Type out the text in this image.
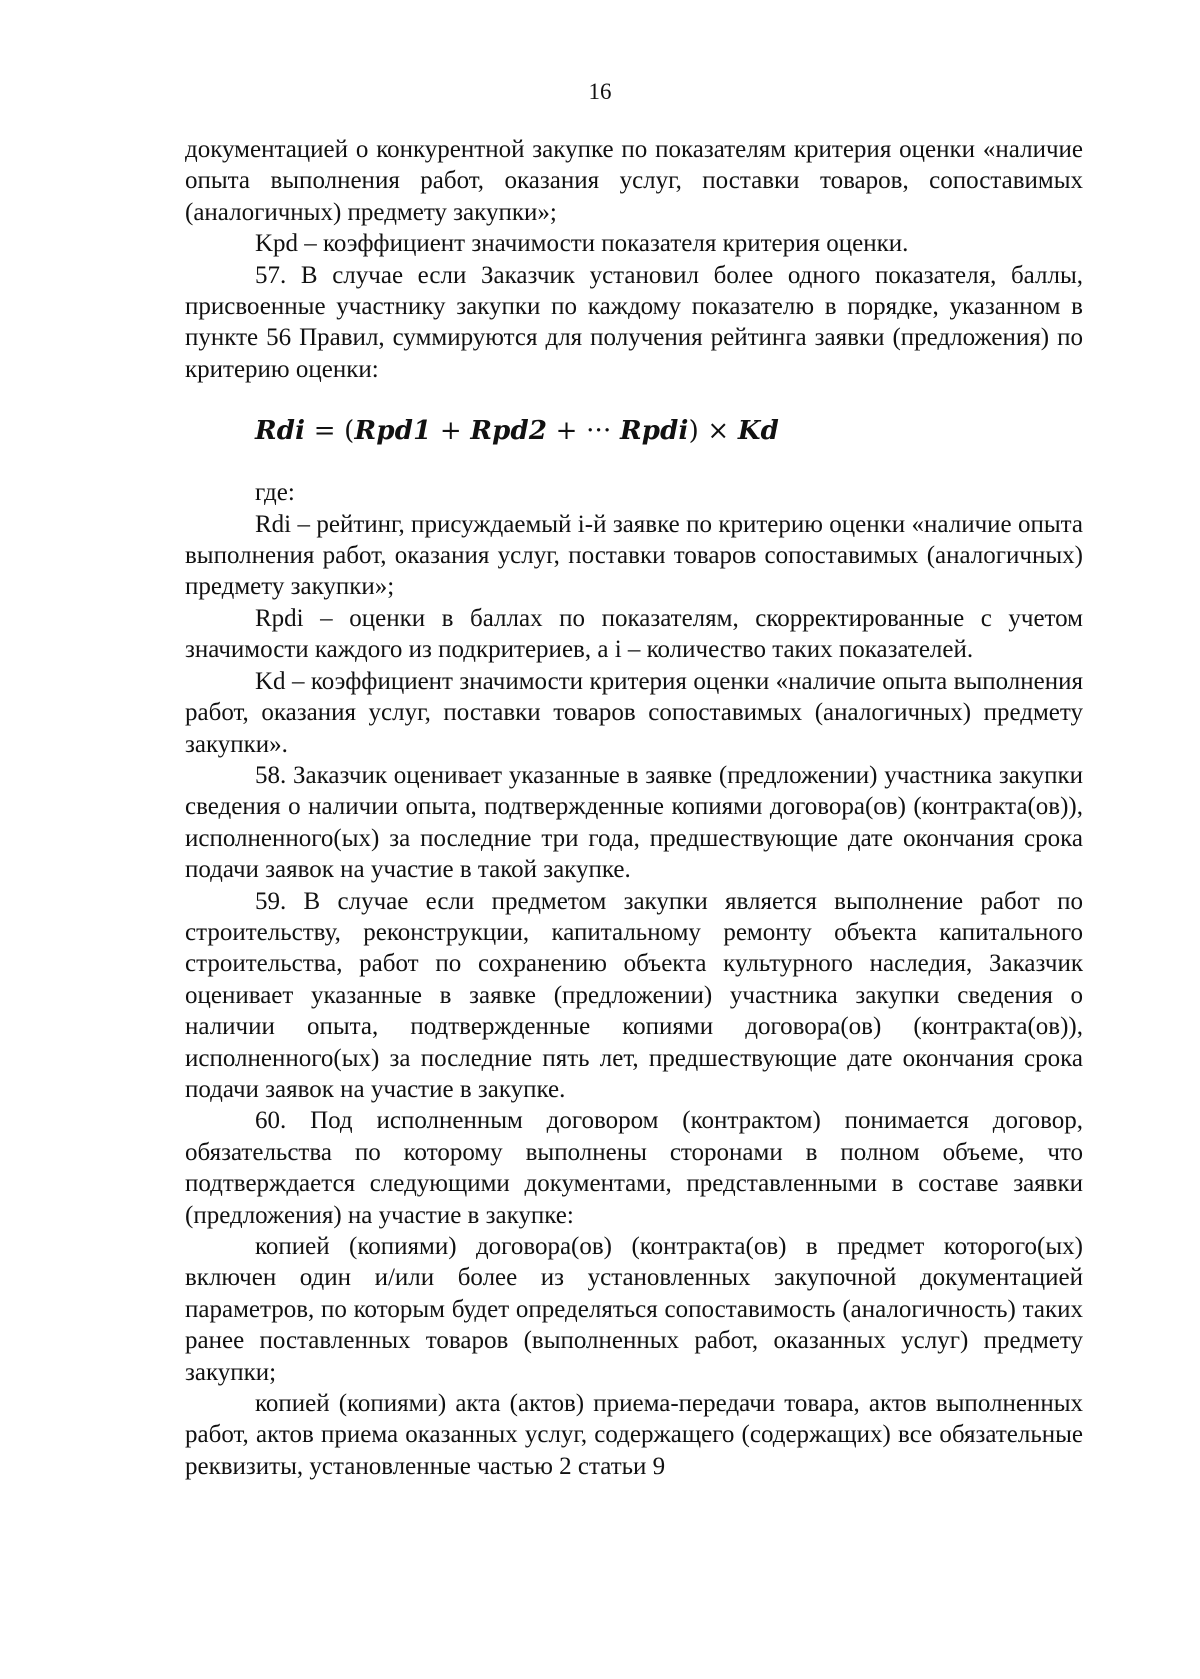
16

документацией о конкурентной закупке по показателям критерия оценки «наличие опыта выполнения работ, оказания услуг, поставки товаров, сопоставимых (аналогичных) предмету закупки»;

Kpd – коэффициент значимости показателя критерия оценки.

57. В случае если Заказчик установил более одного показателя, баллы, присвоенные участнику закупки по каждому показателю в порядке, указанном в пункте 56 Правил, суммируются для получения рейтинга заявки (предложения) по критерию оценки:

Rdi = (Rpd1 + Rpd2 + ··· Rpdi) × Kd

где:

Rdi – рейтинг, присуждаемый i-й заявке по критерию оценки «наличие опыта выполнения работ, оказания услуг, поставки товаров сопоставимых (аналогичных) предмету закупки»;

Rpdi – оценки в баллах по показателям, скорректированные с учетом значимости каждого из подкритериев, а i – количество таких показателей.

Kd – коэффициент значимости критерия оценки «наличие опыта выполнения работ, оказания услуг, поставки товаров сопоставимых (аналогичных) предмету закупки».

58. Заказчик оценивает указанные в заявке (предложении) участника закупки сведения о наличии опыта, подтвержденные копиями договора(ов) (контракта(ов)), исполненного(ых) за последние три года, предшествующие дате окончания срока подачи заявок на участие в такой закупке.

59. В случае если предметом закупки является выполнение работ по строительству, реконструкции, капитальному ремонту объекта капитального строительства, работ по сохранению объекта культурного наследия, Заказчик оценивает указанные в заявке (предложении) участника закупки сведения о наличии опыта, подтвержденные копиями договора(ов) (контракта(ов)), исполненного(ых) за последние пять лет, предшествующие дате окончания срока подачи заявок на участие в закупке.

60. Под исполненным договором (контрактом) понимается договор, обязательства по которому выполнены сторонами в полном объеме, что подтверждается следующими документами, представленными в составе заявки (предложения) на участие в закупке:

копией (копиями) договора(ов) (контракта(ов) в предмет которого(ых) включен один и/или более из установленных закупочной документацией параметров, по которым будет определяться сопоставимость (аналогичность) таких ранее поставленных товаров (выполненных работ, оказанных услуг) предмету закупки;

копией (копиями) акта (актов) приема-передачи товара, актов выполненных работ, актов приема оказанных услуг, содержащего (содержащих) все обязательные реквизиты, установленные частью 2 статьи 9
